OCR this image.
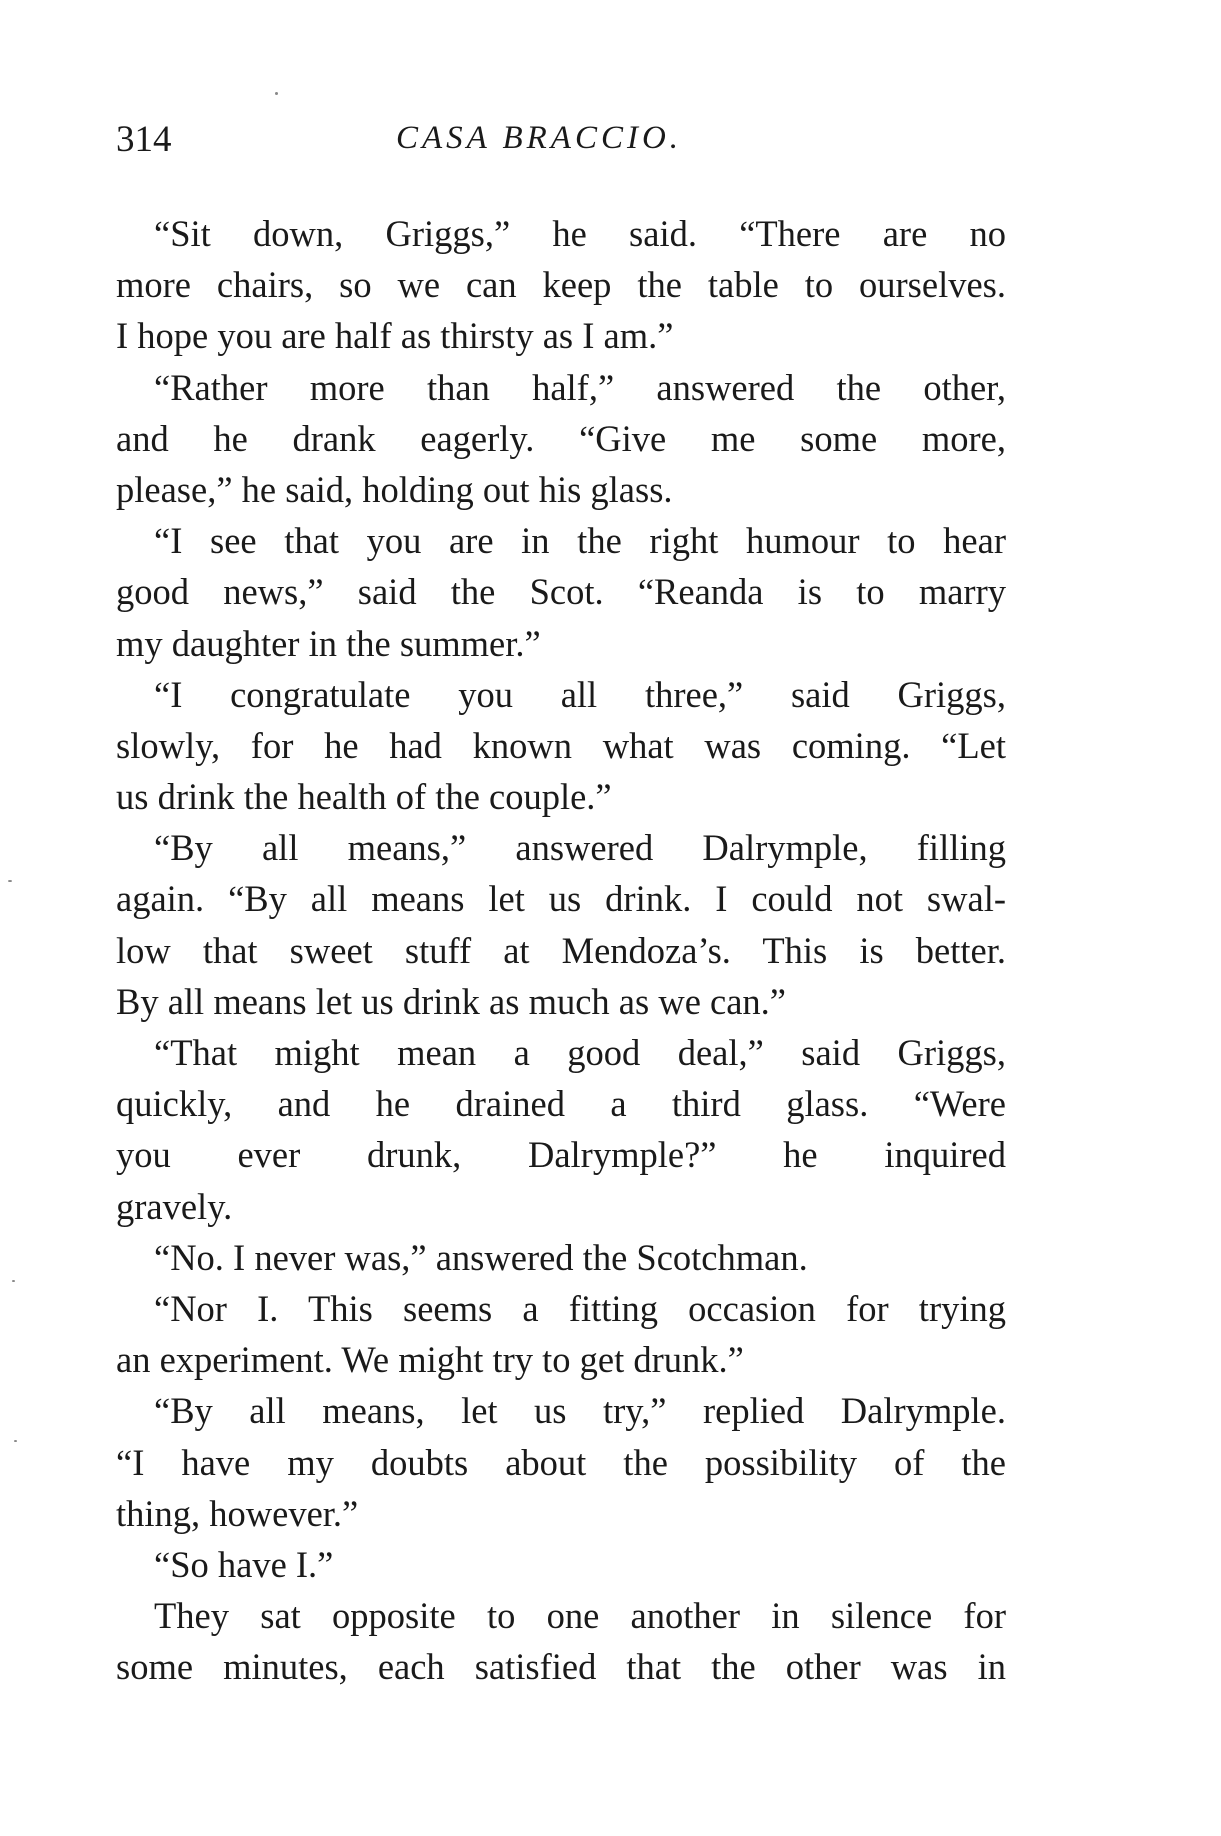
314	CASA BRACCIO.
“Sit down, Griggs,” he said. “There are no
more chairs, so we can keep the table to ourselves.
I hope you are half as thirsty as I am.”
“Rather more than half,” answered the other,
and he drank eagerly. “Give me some more,
please,” he said, holding out his glass.
“I see that you are in the right humour to hear
good news,” said the Scot. “Reanda is to marry
my daughter in the summer.”
“I congratulate you all three,” said Griggs,
slowly, for he had known what was coming. “Let
us drink the health of the couple.”
“By all means,” answered Dalrymple, filling
again. “By all means let us drink. I could not swal-
low that sweet stuff at Mendoza’s. This is better.
By all means let us drink as much as we can.”
“That might mean a good deal,” said Griggs,
quickly, and he drained a third glass. “Were
you ever drunk, Dalrymple?” he inquired
gravely.
“No. I never was,” answered the Scotchman.
“Nor I. This seems a fitting occasion for trying
an experiment. We might try to get drunk.”
“By all means, let us try,” replied Dalrymple.
“I have my doubts about the possibility of the
thing, however.”
“So have I.”
They sat opposite to one another in silence for
some minutes, each satisfied that the other was in
